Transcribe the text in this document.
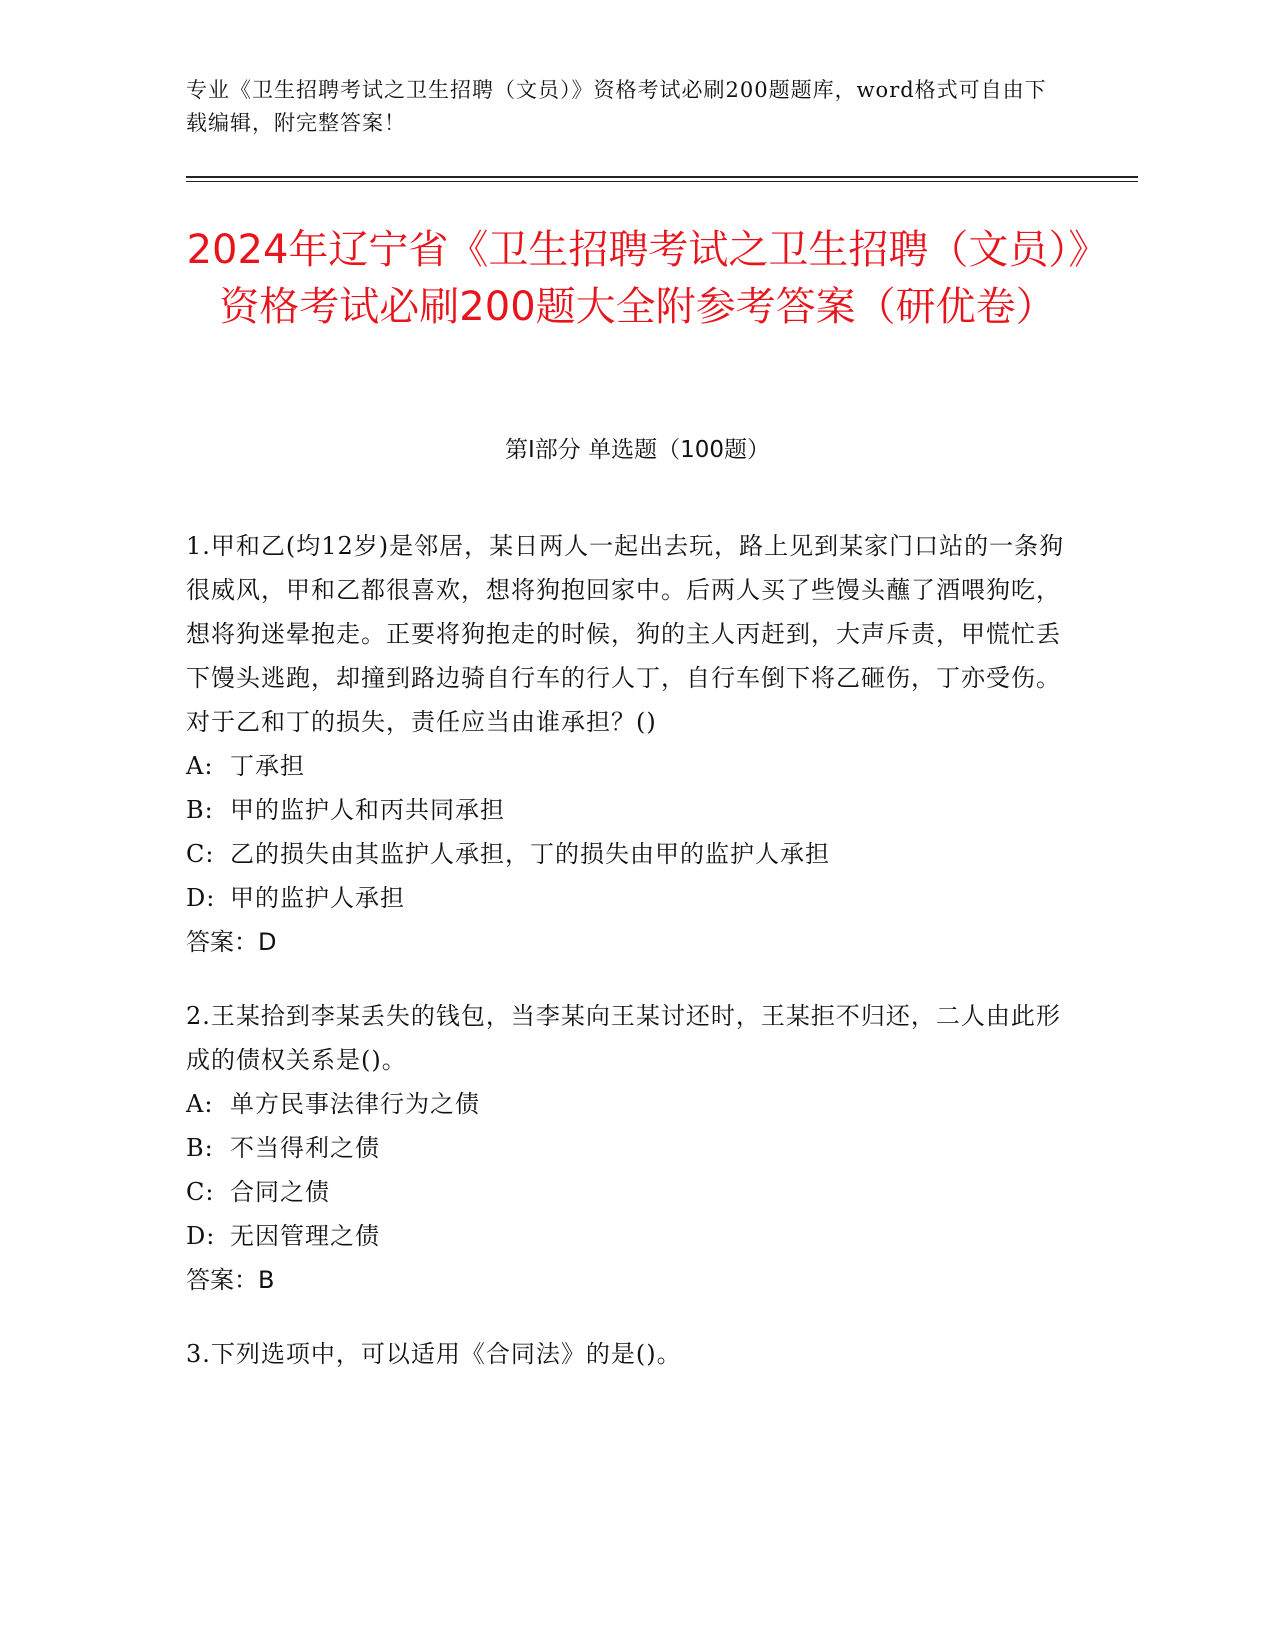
专业《卫生招聘考试之卫生招聘（文员）》资格考试必刷200题题库，word格式可自由下载编辑，附完整答案！
2024年辽宁省《卫生招聘考试之卫生招聘（文员）》资格考试必刷200题大全附参考答案（研优卷）
第Ⅰ部分 单选题（100题）

1.甲和乙(均12岁)是邻居，某日两人一起出去玩，路上见到某家门口站的一条狗很威风，甲和乙都很喜欢，想将狗抱回家中。后两人买了些馒头蘸了酒喂狗吃，想将狗迷晕抱走。正要将狗抱走的时候，狗的主人丙赶到，大声斥责，甲慌忙丢下馒头逃跑，却撞到路边骑自行车的行人丁，自行车倒下将乙砸伤，丁亦受伤。对于乙和丁的损失，责任应当由谁承担？()

A: 丁承担

B: 甲的监护人和丙共同承担

C: 乙的损失由其监护人承担，丁的损失由甲的监护人承担

D: 甲的监护人承担

答案：D

2.王某拾到李某丢失的钱包，当李某向王某讨还时，王某拒不归还，二人由此形成的债权关系是()。

A: 单方民事法律行为之债

B: 不当得利之债

C: 合同之债

D: 无因管理之债

答案：B

3.下列选项中，可以适用《合同法》的是()。
